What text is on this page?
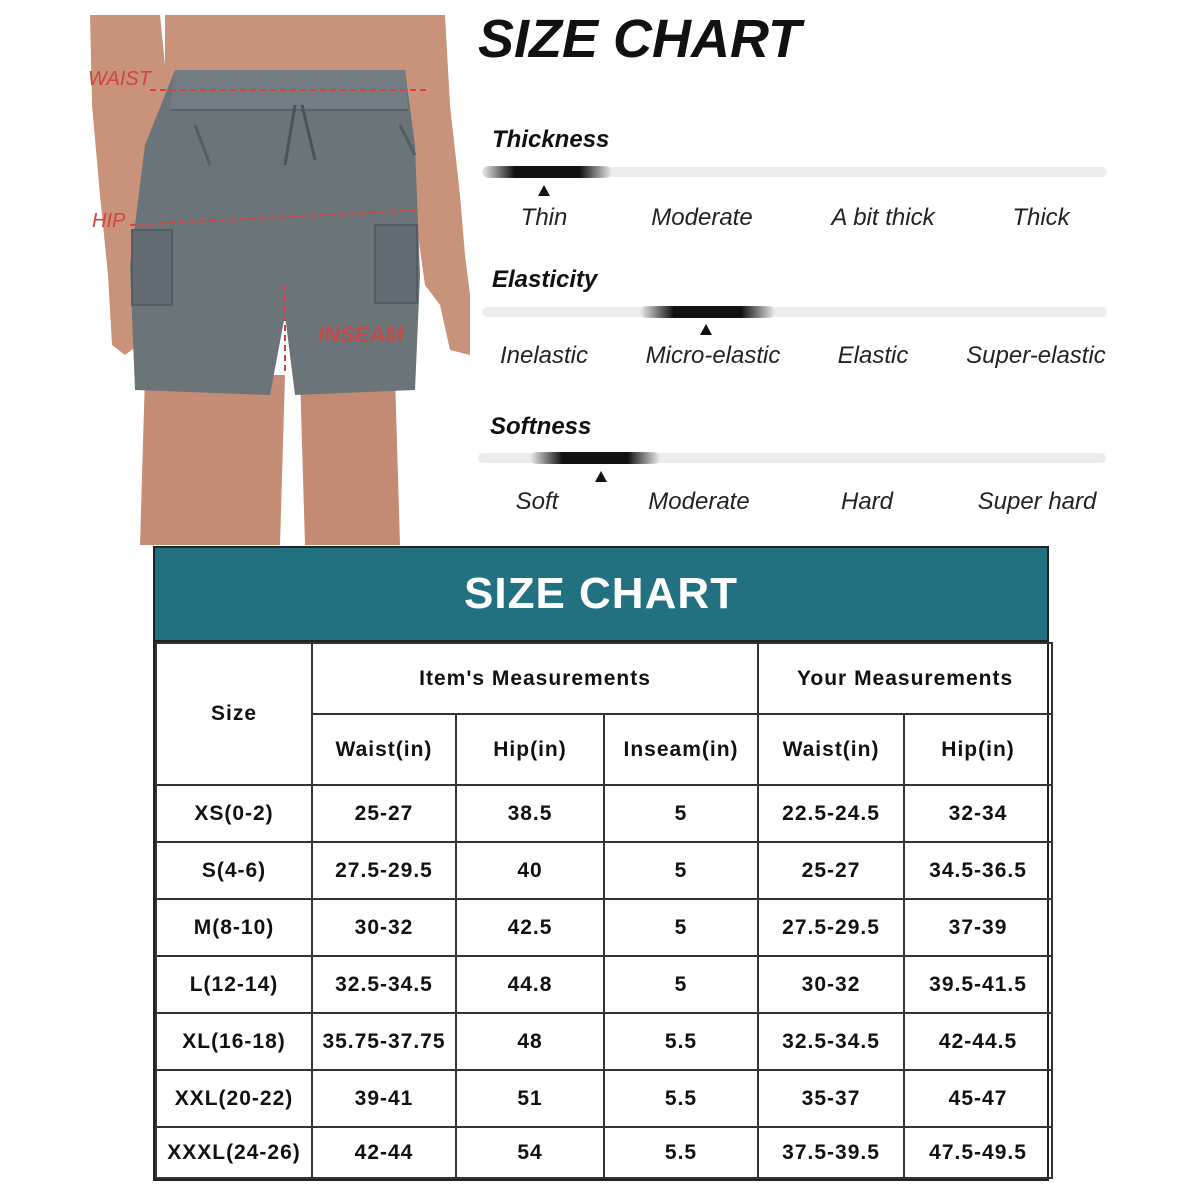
WAIST
HIP
INSEAM
SIZE CHART
Thickness
Thin	Moderate	A bit thick	Thick
Elasticity
Inelastic	Micro-elastic	Elastic	Super-elastic
Softness
Soft	Moderate	Hard	Super hard
SIZE CHART
Size	Item's Measurements			Your Measurements	
	Waist(in)	Hip(in)	Inseam(in)	Waist(in)	Hip(in)
XS(0-2)	25-27	38.5	5	22.5-24.5	32-34
S(4-6)	27.5-29.5	40	5	25-27	34.5-36.5
M(8-10)	30-32	42.5	5	27.5-29.5	37-39
L(12-14)	32.5-34.5	44.8	5	30-32	39.5-41.5
XL(16-18)	35.75-37.75	48	5.5	32.5-34.5	42-44.5
XXL(20-22)	39-41	51	5.5	35-37	45-47
XXXL(24-26)	42-44	54	5.5	37.5-39.5	47.5-49.5
